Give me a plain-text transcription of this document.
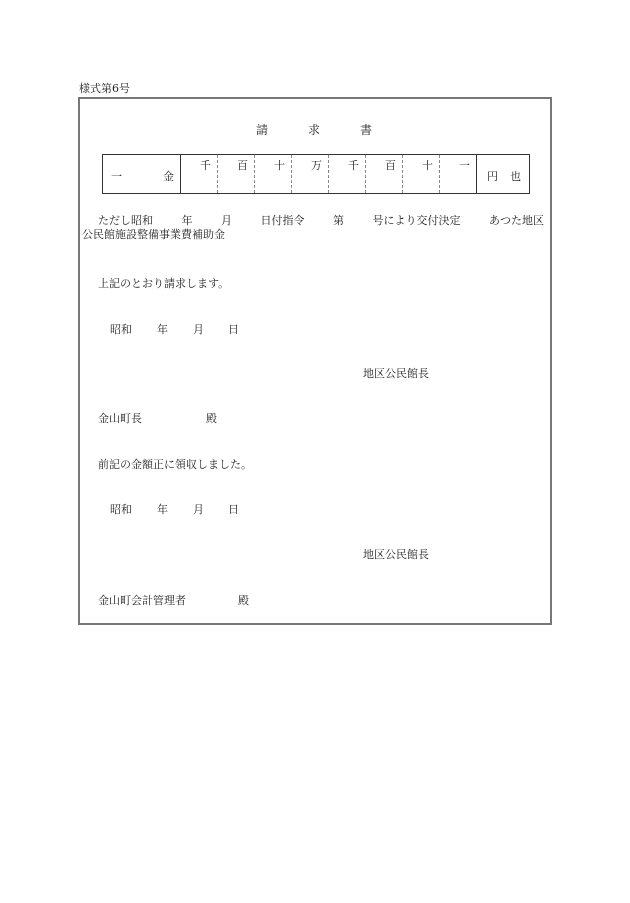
様式第6号
請	求	書
一	金
千 百 十 万 千 百 十 一
円 也
ただし昭和	年	月	日付指令	第	号により交付決定	あつた地区
公民館施設整備事業費補助金
上記のとおり請求します。
昭和 年 月 日
地区公民館長
金山町長	殿
前記の金額正に領収しました。
昭和 年 月 日
地区公民館長
金山町会計管理者	殿
